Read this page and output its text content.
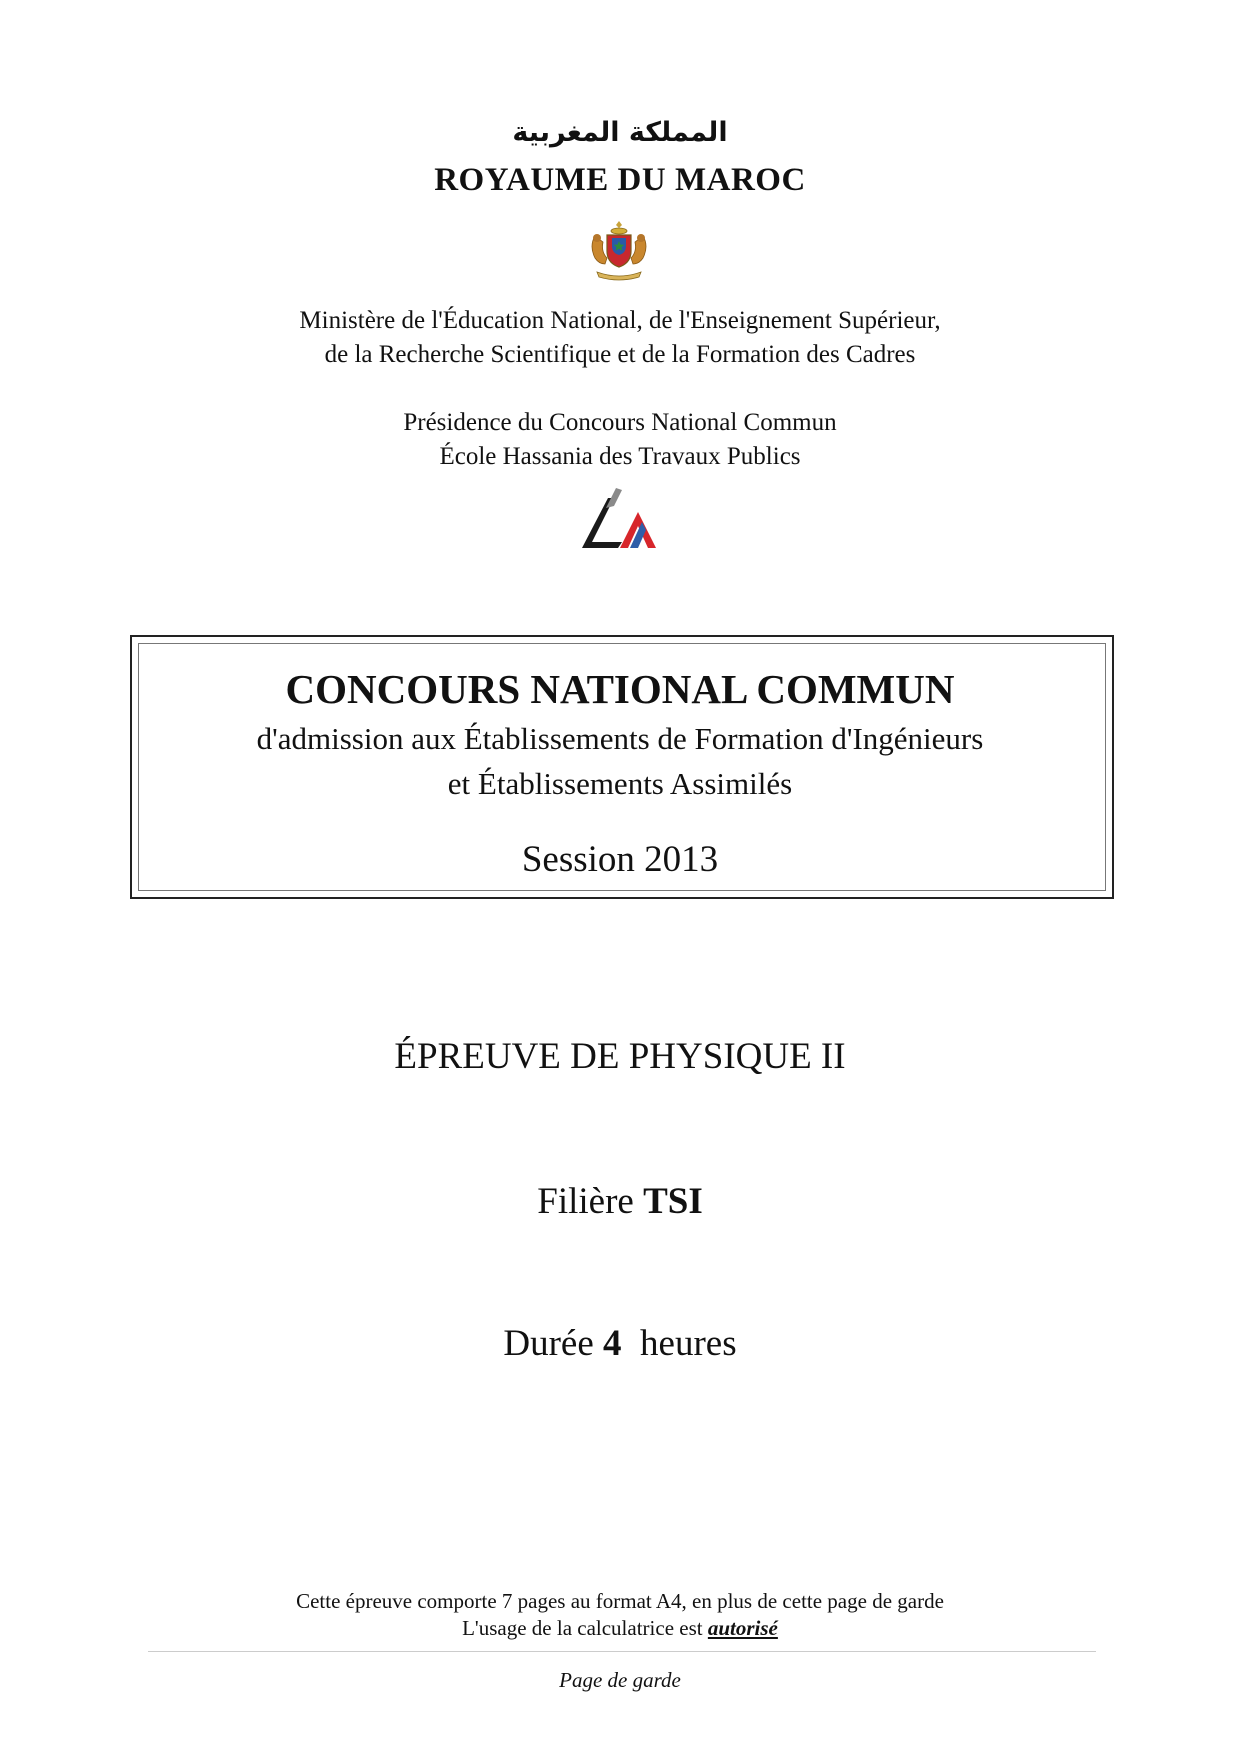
المملكة المغربية
ROYAUME DU MAROC
Ministère de l'Éducation National, de l'Enseignement Supérieur,
de la Recherche Scientifique et de la Formation des Cadres
Présidence du Concours National Commun
École Hassania des Travaux Publics
CONCOURS NATIONAL COMMUN
d'admission aux Établissements de Formation d'Ingénieurs
et Établissements Assimilés
Session 2013
ÉPREUVE DE PHYSIQUE II
Filière TSI
Durée 4 heures
Cette épreuve comporte 7 pages au format A4, en plus de cette page de garde
L'usage de la calculatrice est autorisé
Page de garde
